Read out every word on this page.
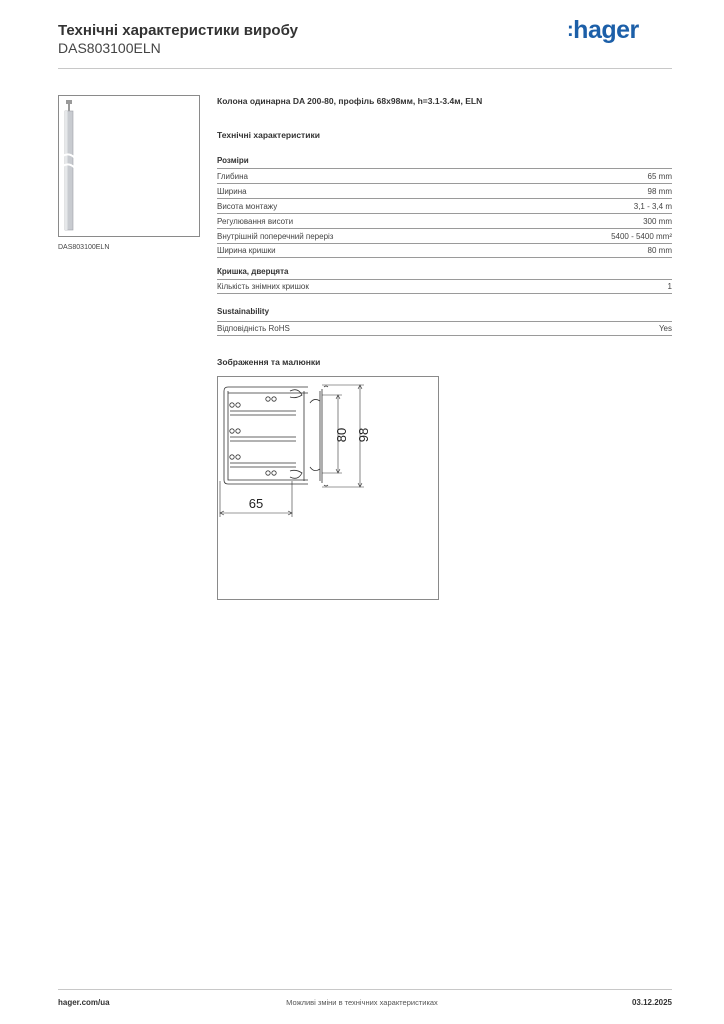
Технічні характеристики виробу
DAS803100ELN
:hager
DAS803100ELN
Колона одинарна DA 200-80, профіль 68x98мм, h=3.1-3.4м, ELN
Технічні характеристики
Розміри
Глибина	65 mm
Ширина	98 mm
Висота монтажу	3,1 - 3,4 m
Регулювання висоти	300 mm
Внутрішній поперечний переріз	5400 - 5400 mm²
Ширина кришки	80 mm
Кришка, дверцята
Кількість знімних кришок	1
Sustainability
Відповідність RoHS	Yes
Зображення та малюнки
80 98
65
hager.com/ua	Можливі зміни в технічних характеристиках	03.12.2025
